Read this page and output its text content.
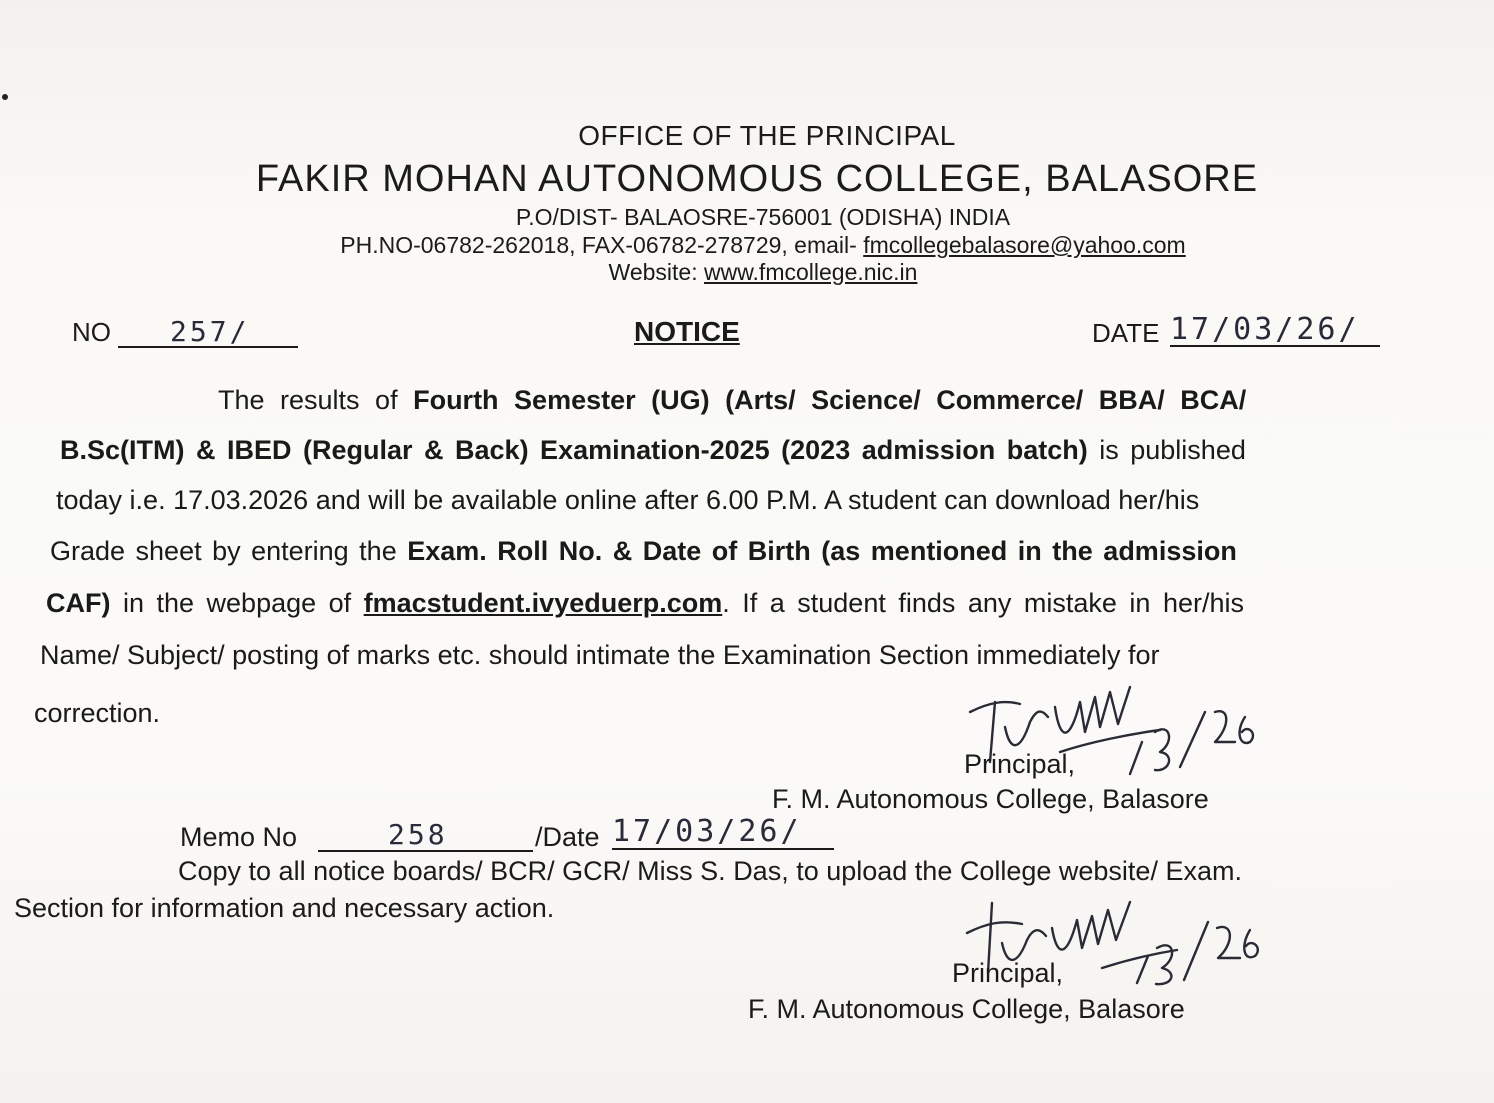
OFFICE OF THE PRINCIPAL
FAKIR MOHAN AUTONOMOUS COLLEGE, BALASORE
P.O/DIST- BALAOSRE-756001 (ODISHA) INDIA
PH.NO-06782-262018, FAX-06782-278729, email- fmcollegebalasore@yahoo.com
Website: www.fmcollege.nic.in
NO	257/	NOTICE	DATE 17/03/26/
The results of Fourth Semester (UG) (Arts/ Science/ Commerce/ BBA/ BCA/
B.Sc(ITM) & IBED (Regular & Back) Examination-2025 (2023 admission batch) is published
today i.e. 17.03.2026 and will be available online after 6.00 P.M. A student can download her/his
Grade sheet by entering the Exam. Roll No. & Date of Birth (as mentioned in the admission
CAF) in the webpage of fmacstudent.ivyeduerp.com. If a student finds any mistake in her/his
Name/ Subject/ posting of marks etc. should intimate the Examination Section immediately for
correction.
Principal,
F. M. Autonomous College, Balasore
Memo No	258	/Date 17/03/26/
Copy to all notice boards/ BCR/ GCR/ Miss S. Das, to upload the College website/ Exam.
Section for information and necessary action.
Principal,
F. M. Autonomous College, Balasore
